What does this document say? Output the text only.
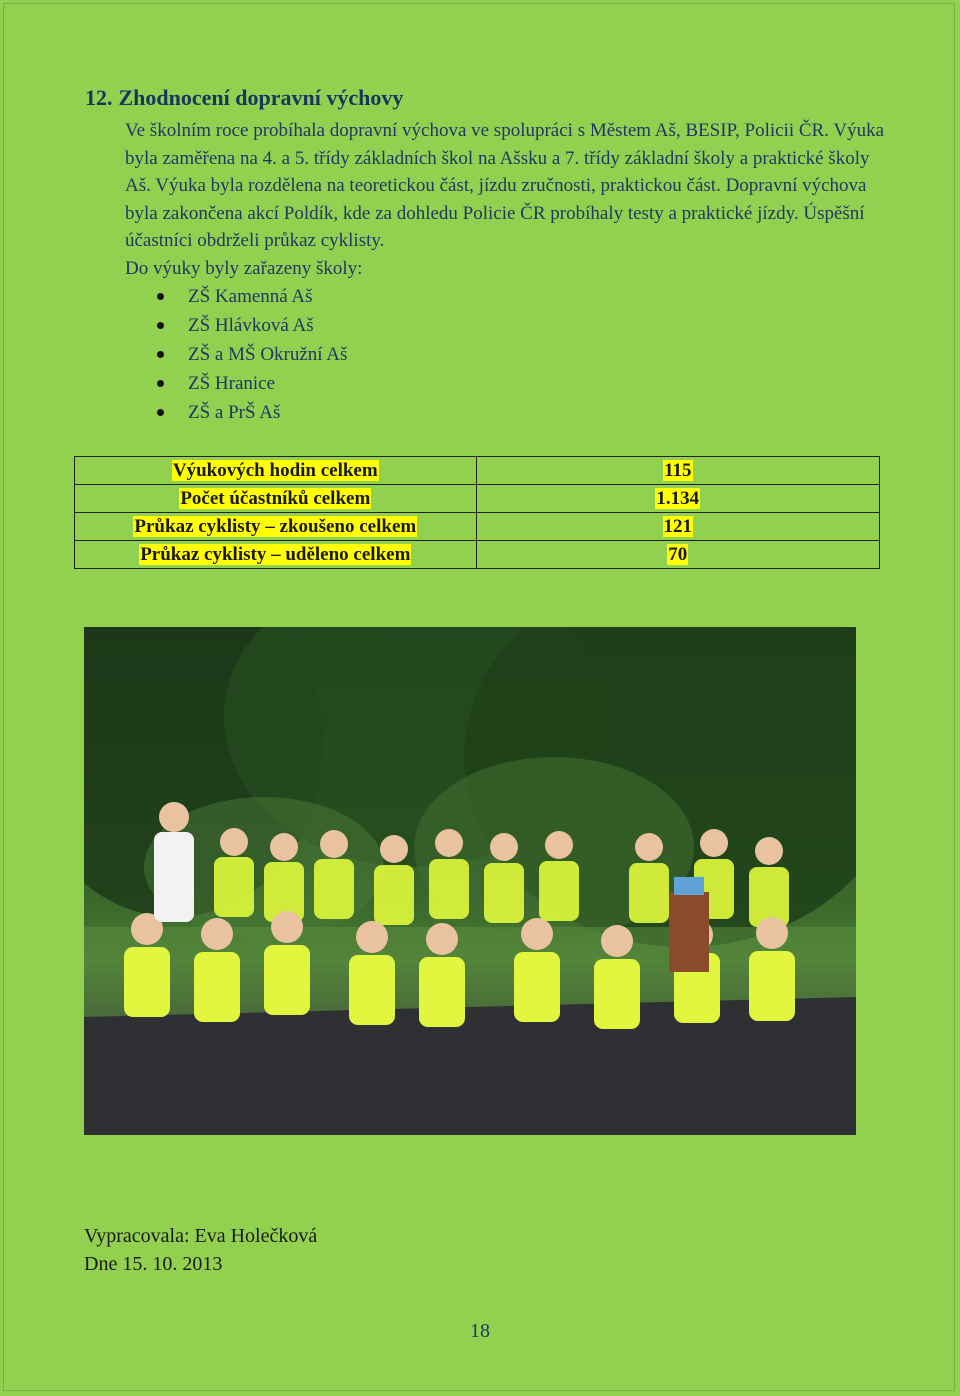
12. Zhodnocení dopravní výchovy

Ve školním roce probíhala dopravní výchova ve spolupráci s Městem Aš, BESIP, Policii ČR. Výuka byla zaměřena na 4. a 5. třídy základních škol na Ašsku a 7. třídy základní školy a praktické školy Aš. Výuka byla rozdělena na teoretickou část, jízdu zručnosti, praktickou část. Dopravní výchova byla zakončena akcí Poldík, kde za dohledu Policie ČR probíhaly testy a praktické jízdy. Úspěšní účastníci obdrželi průkaz cyklisty.

Do výuky byly zařazeny školy:

ZŠ Kamenná Aš
ZŠ Hlávková Aš
ZŠ a MŠ Okružní Aš
ZŠ Hranice
ZŠ a PrŠ Aš
Výukových hodin celkem	115
Počet účastníků celkem	1.134
Průkaz cyklisty – zkoušeno celkem	121
Průkaz cyklisty – uděleno celkem	70
Vypracovala: Eva Holečková
Dne 15. 10. 2013
18
